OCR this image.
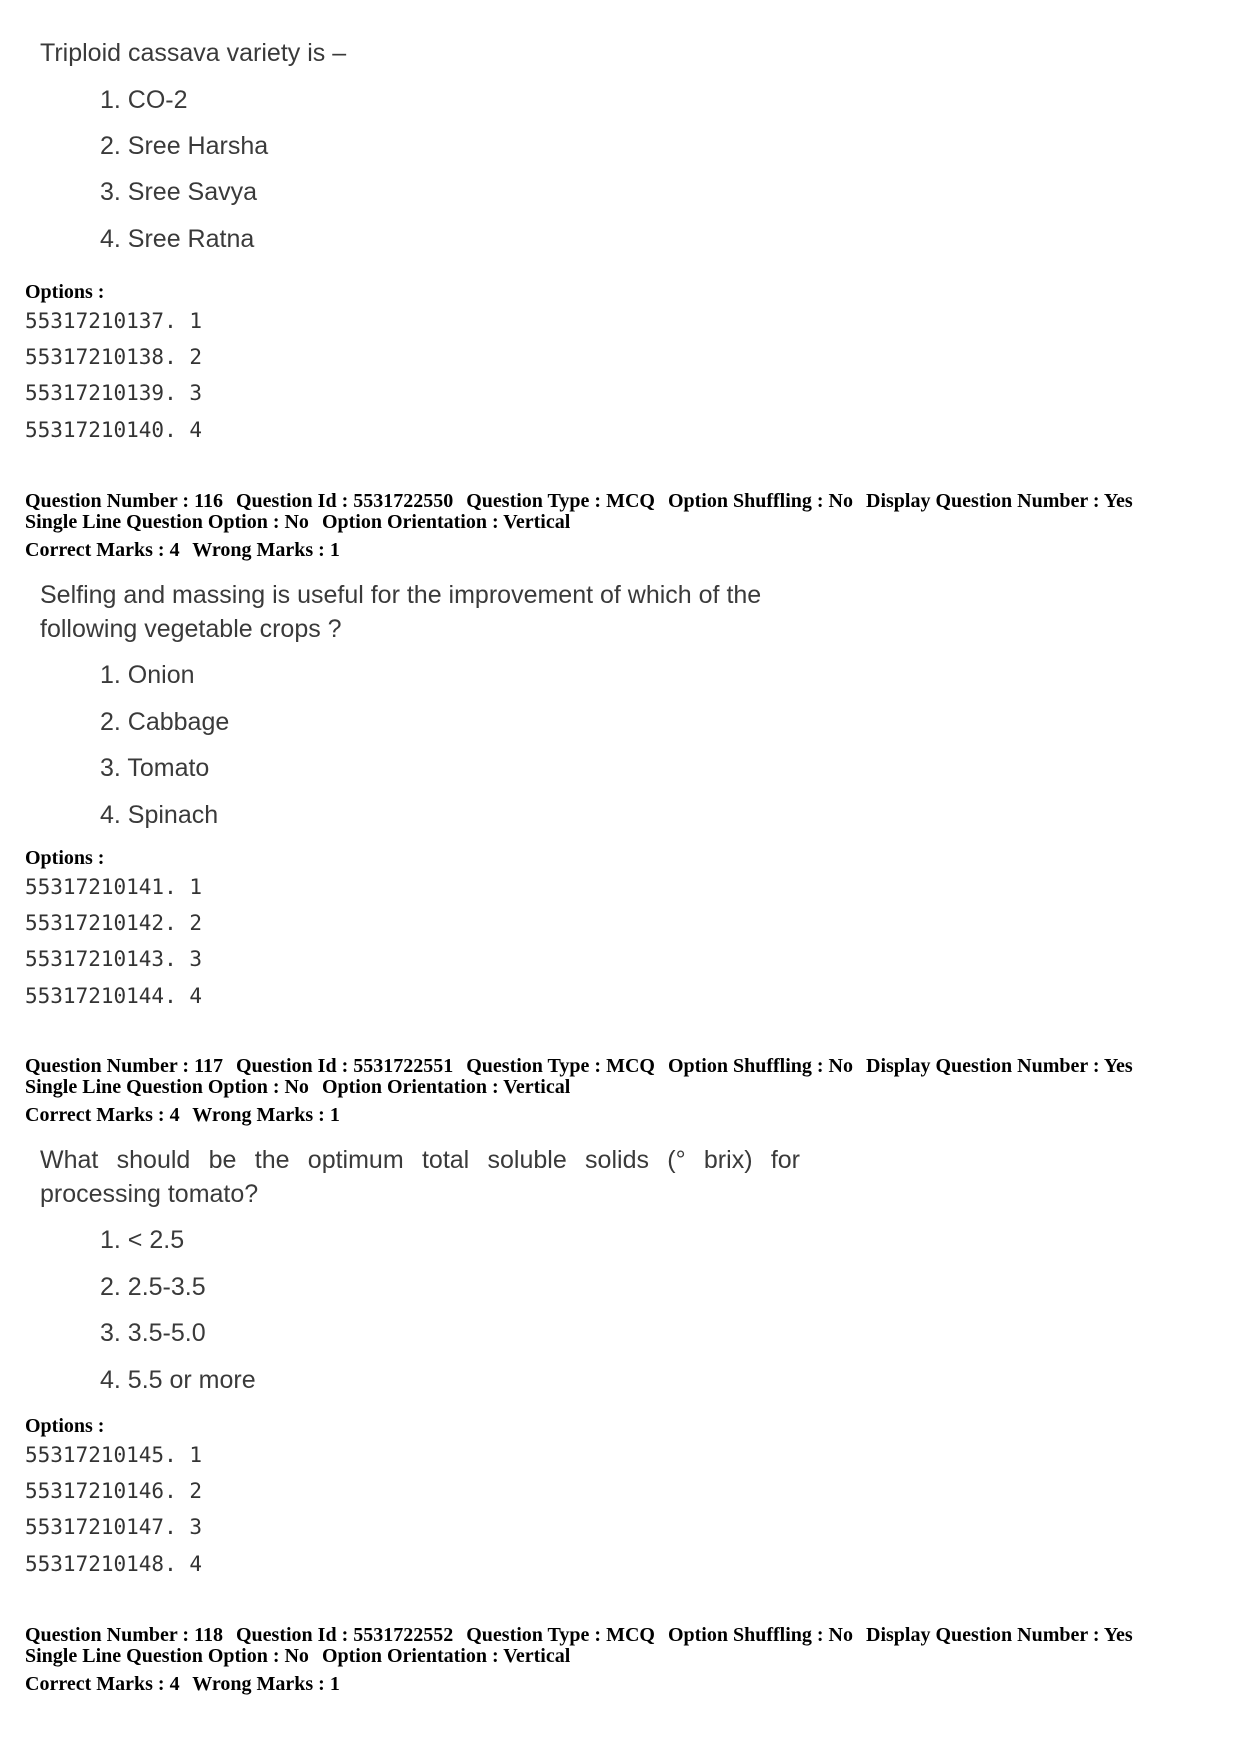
Triploid cassava variety is –

1. CO-2
2. Sree Harsha
3. Sree Savya
4. Sree Ratna
Options :
55317210137. 1
55317210138. 2
55317210139. 3
55317210140. 4

Question Number : 116 Question Id : 5531722550 Question Type : MCQ Option Shuffling : No Display Question Number : Yes

Single Line Question Option : No Option Orientation : Vertical

Correct Marks : 4 Wrong Marks : 1

Selfing and massing is useful for the improvement of which of the following vegetable crops ?

1. Onion
2. Cabbage
3. Tomato
4. Spinach
Options :
55317210141. 1
55317210142. 2
55317210143. 3
55317210144. 4

Question Number : 117 Question Id : 5531722551 Question Type : MCQ Option Shuffling : No Display Question Number : Yes

Single Line Question Option : No Option Orientation : Vertical

Correct Marks : 4 Wrong Marks : 1

What should be the optimum total soluble solids (° brix) for processing tomato?

1. < 2.5
2. 2.5-3.5
3. 3.5-5.0
4. 5.5 or more
Options :
55317210145. 1
55317210146. 2
55317210147. 3
55317210148. 4

Question Number : 118 Question Id : 5531722552 Question Type : MCQ Option Shuffling : No Display Question Number : Yes

Single Line Question Option : No Option Orientation : Vertical

Correct Marks : 4 Wrong Marks : 1
